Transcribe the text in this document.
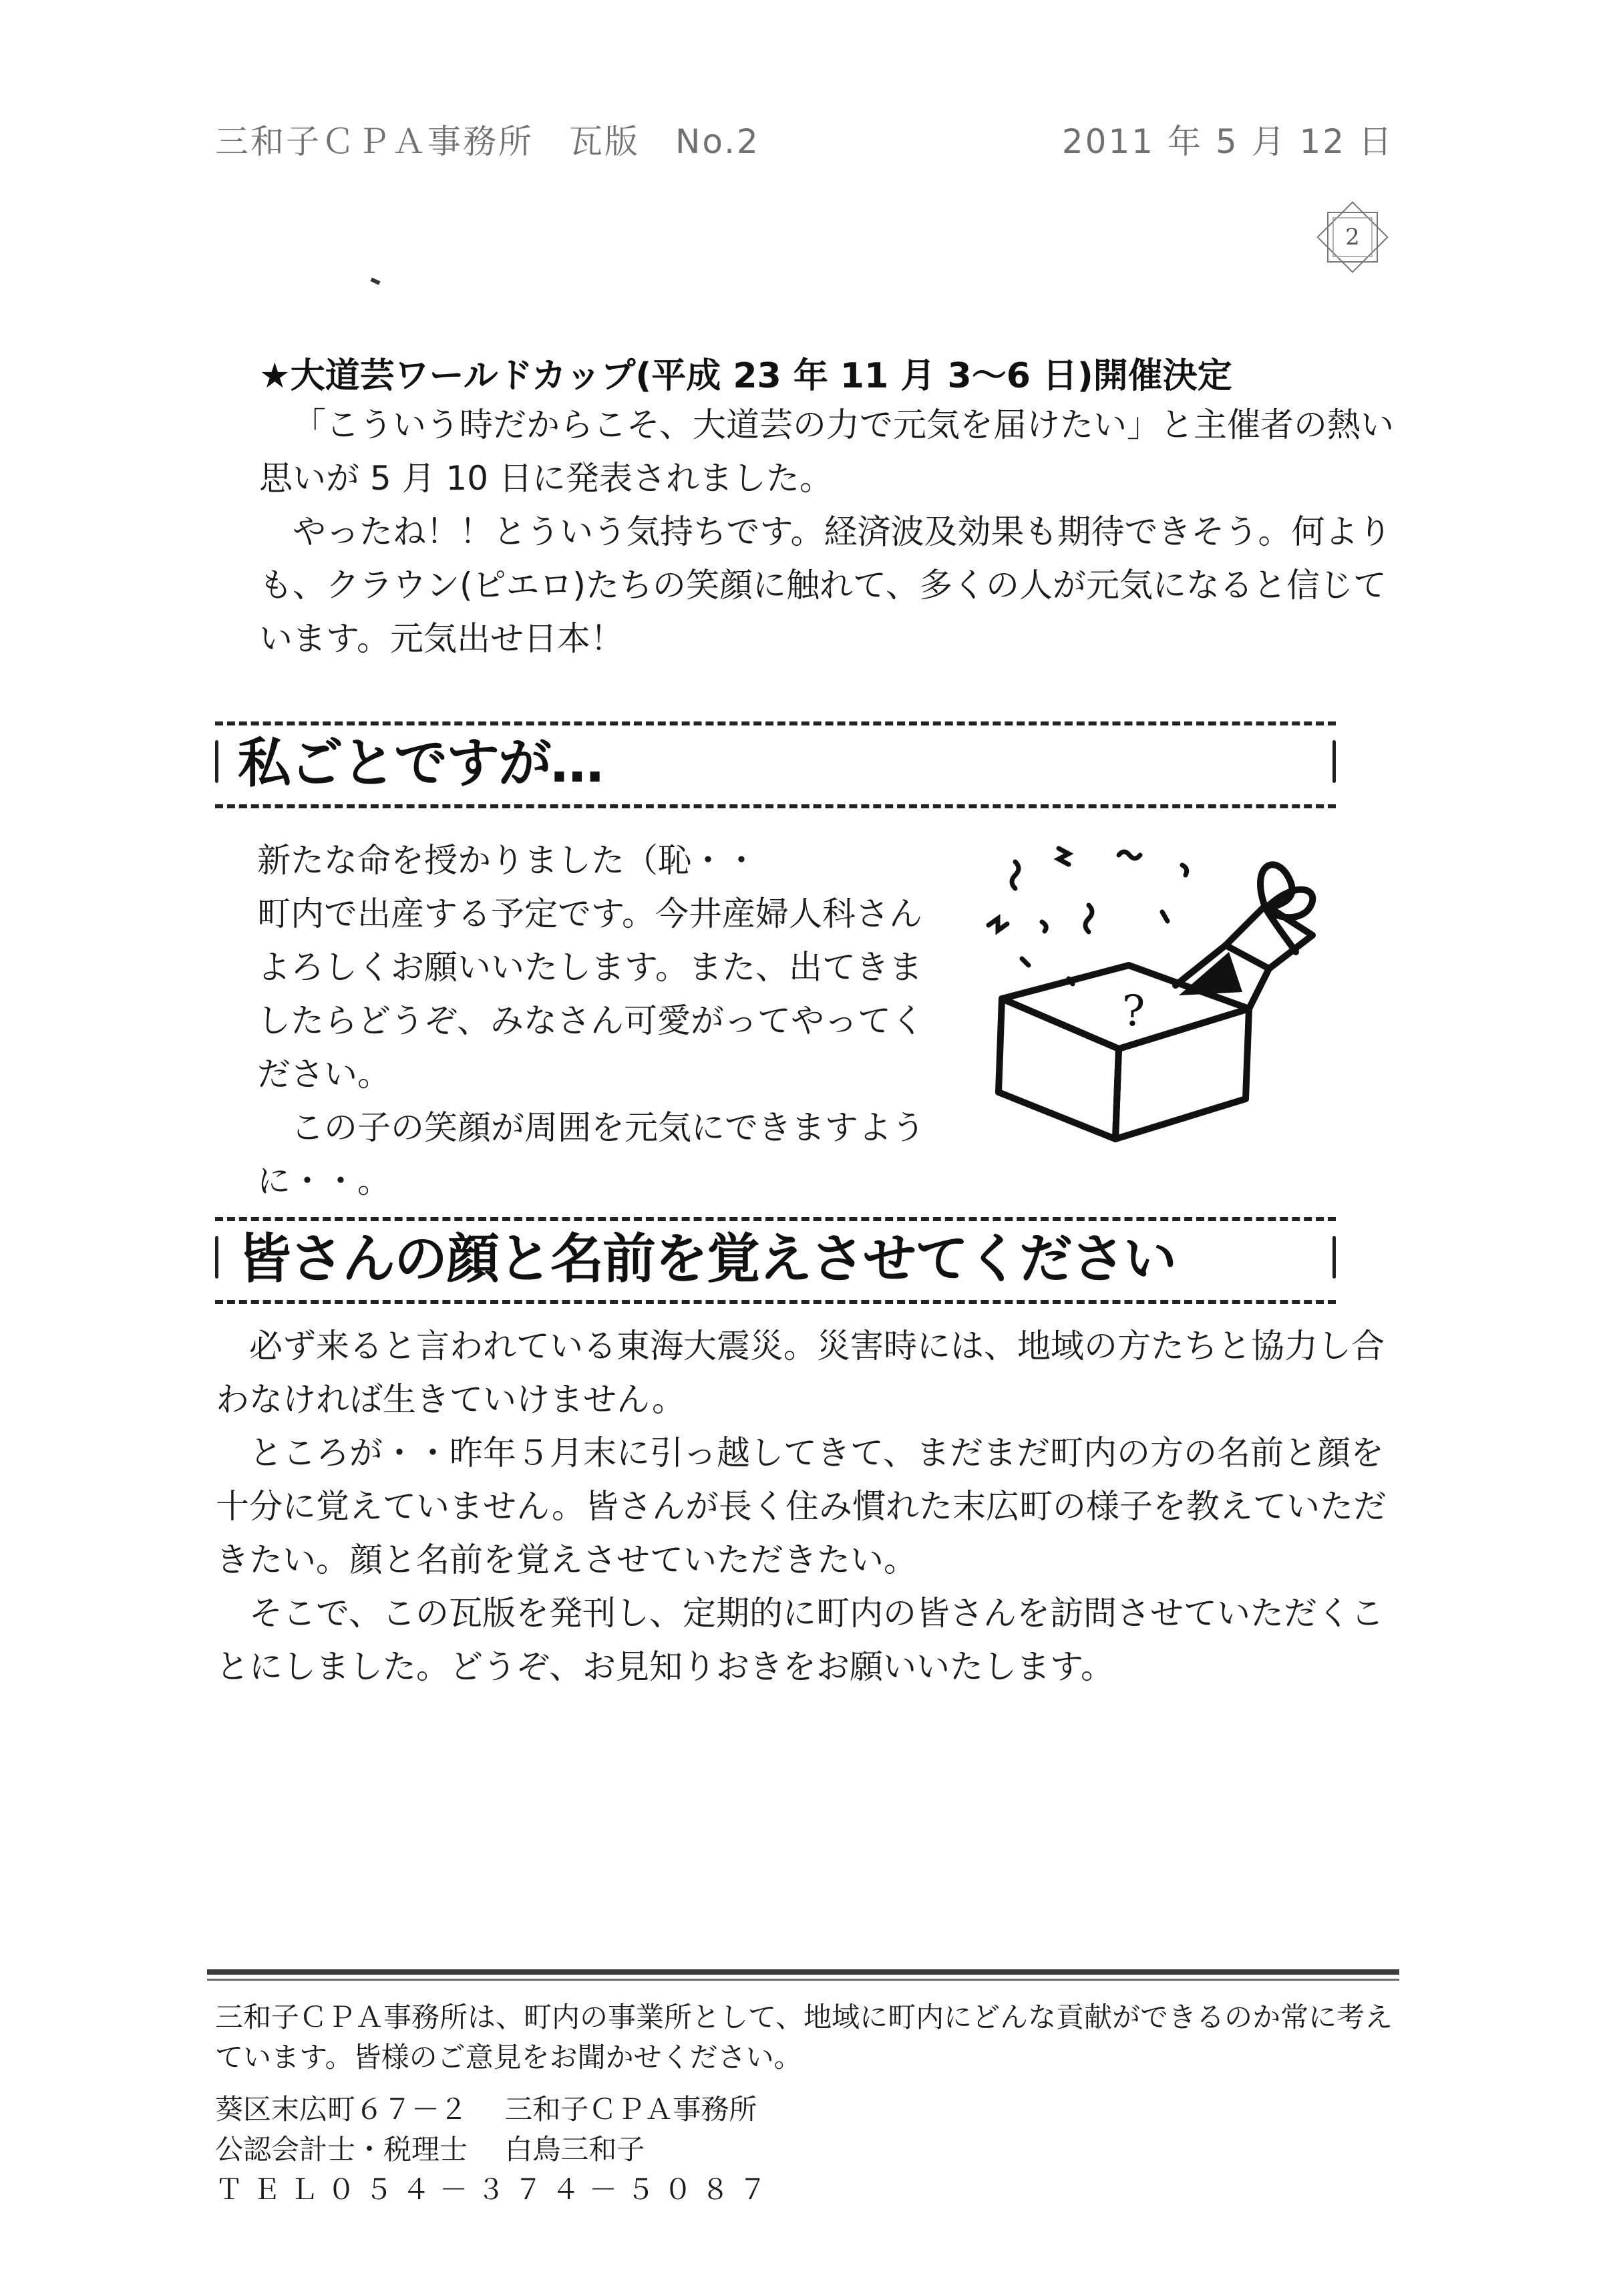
三和子ＣＰＡ事務所　瓦版　No.2	2011 年 5 月 12 日
2
★大道芸ワールドカップ(平成 23 年 11 月 3～6 日)開催決定

「こういう時だからこそ、大道芸の力で元気を届けたい」と主催者の熱い思いが 5 月 10 日に発表されました。

やったね！！とういう気持ちです。経済波及効果も期待できそう。何よりも、クラウン(ピエロ)たちの笑顔に触れて、多くの人が元気になると信じています。元気出せ日本！

私ごとですが…

新たな命を授かりました（恥・・

町内で出産する予定です。今井産婦人科さんよろしくお願いいたします。また、出てきましたらどうぞ、みなさん可愛がってやってください。

この子の笑顔が周囲を元気にできますように・・。

?
皆さんの顔と名前を覚えさせてください

必ず来ると言われている東海大震災。災害時には、地域の方たちと協力し合わなければ生きていけません。

ところが・・昨年５月末に引っ越してきて、まだまだ町内の方の名前と顔を十分に覚えていません。皆さんが長く住み慣れた末広町の様子を教えていただきたい。顔と名前を覚えさせていただきたい。

そこで、この瓦版を発刊し、定期的に町内の皆さんを訪問させていただくことにしました。どうぞ、お見知りおきをお願いいたします。

三和子ＣＰＡ事務所は、町内の事業所として、地域に町内にどんな貢献ができるのか常に考えています。皆様のご意見をお聞かせください。

葵区末広町６７－２　 三和子ＣＰＡ事務所

公認会計士・税理士　 白鳥三和子

ＴＥＬ０５４－３７４－５０８７
